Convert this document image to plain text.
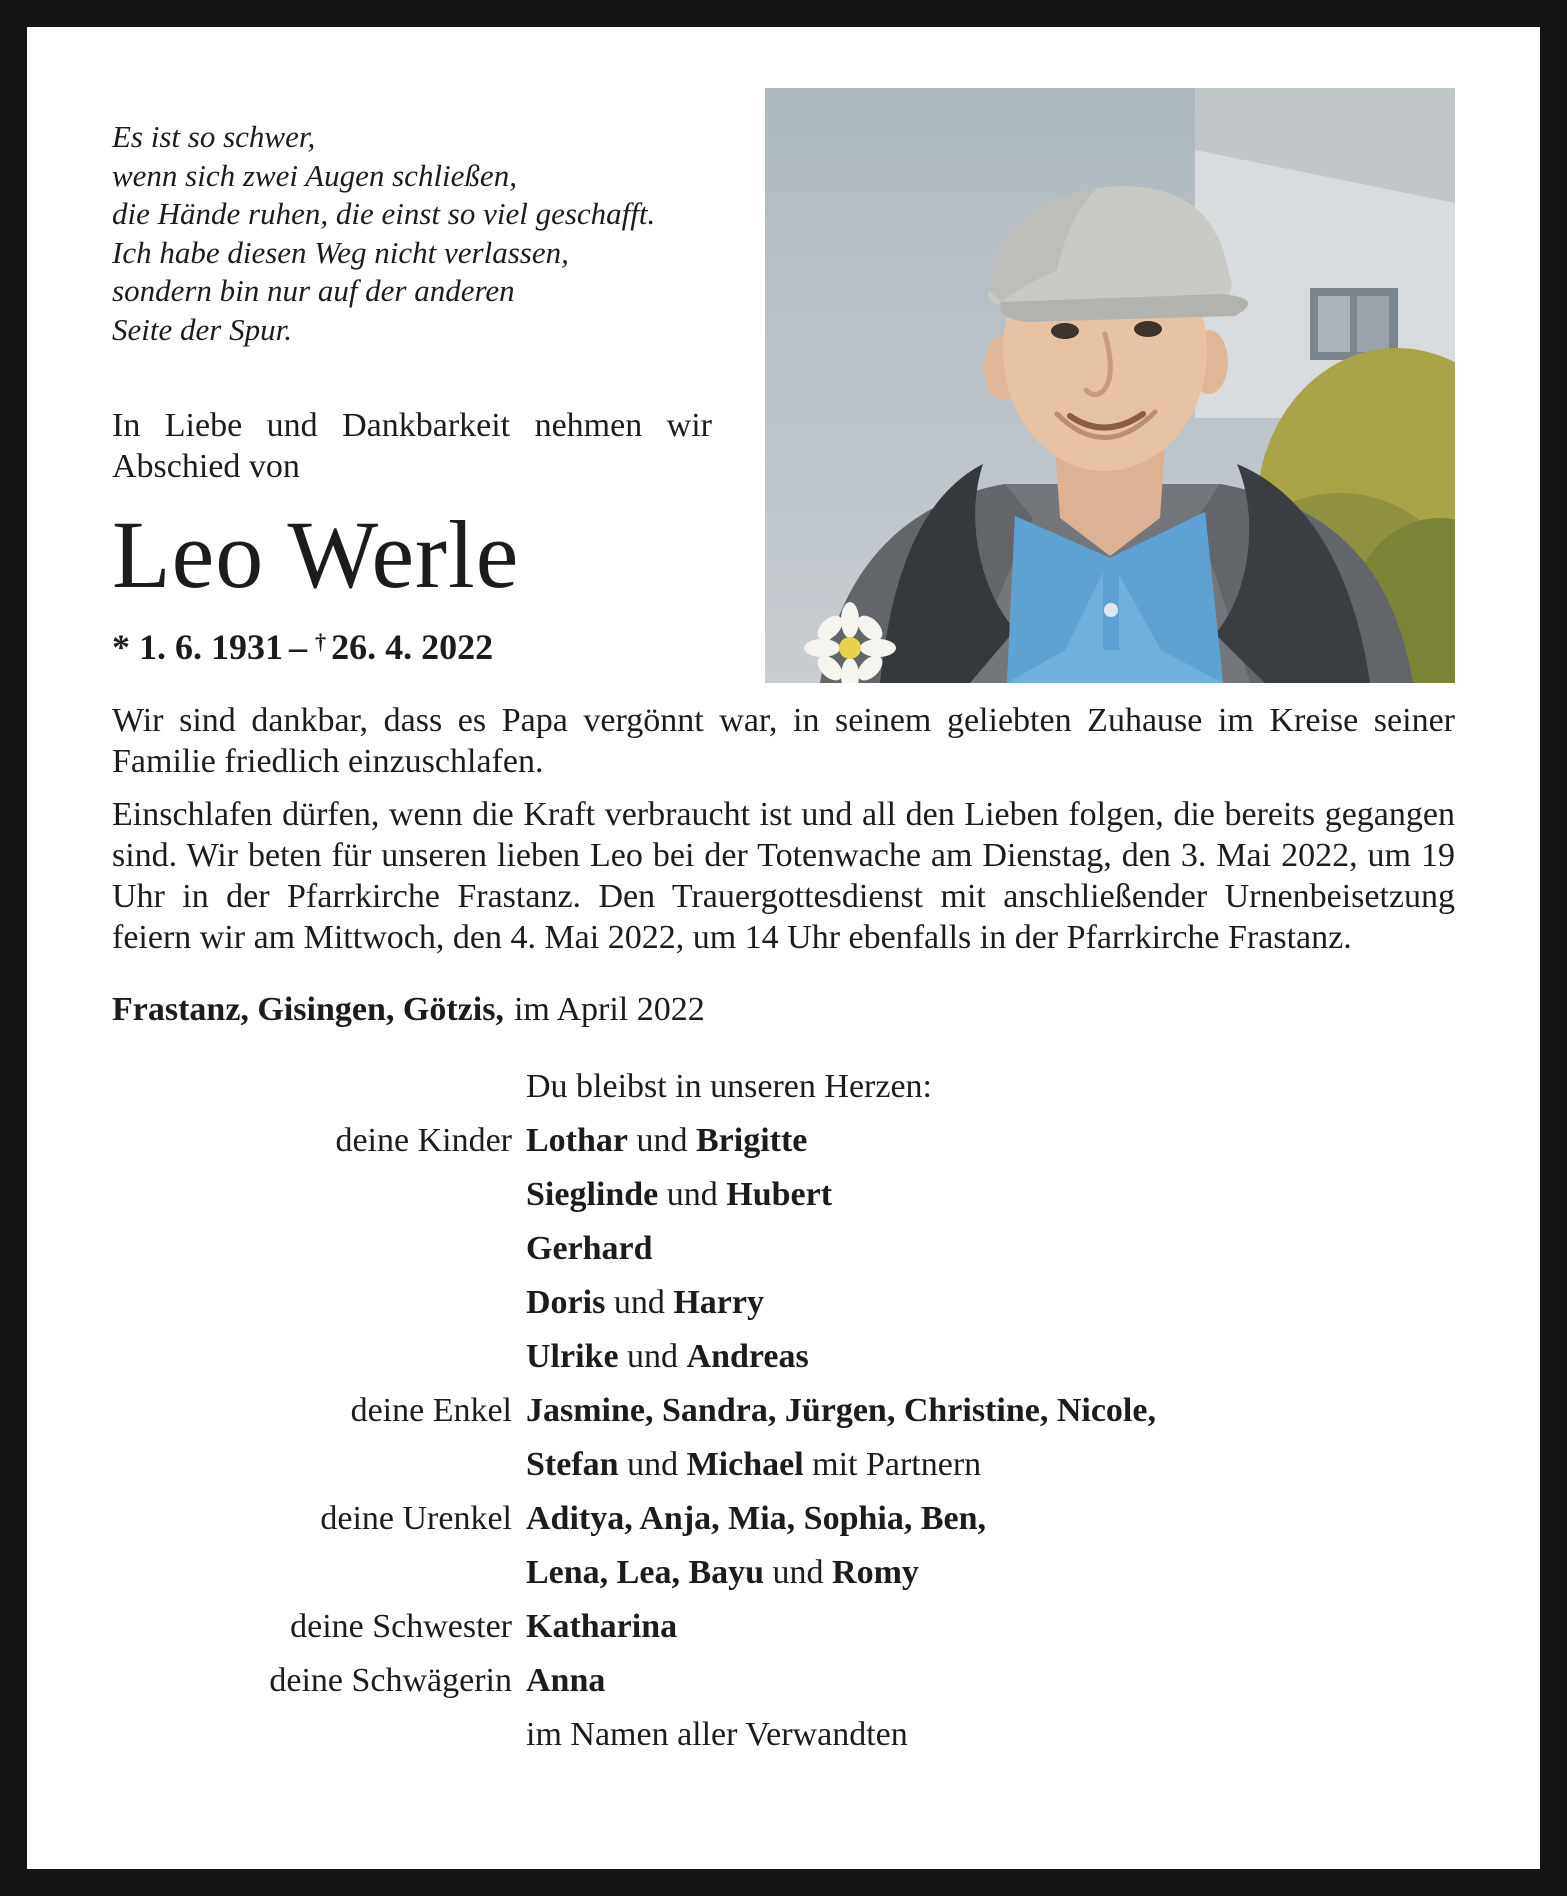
Es ist so schwer,
wenn sich zwei Augen schließen,
die Hände ruhen, die einst so viel geschafft.
Ich habe diesen Weg nicht verlassen,
sondern bin nur auf der anderen
Seite der Spur.
In Liebe und Dankbarkeit nehmen wir Abschied von
Leo Werle
* 1. 6. 1931 – † 26. 4. 2022
Wir sind dankbar, dass es Papa vergönnt war, in seinem geliebten Zuhause im Kreise seiner Familie friedlich einzuschlafen.
Einschlafen dürfen, wenn die Kraft verbraucht ist und all den Lieben folgen, die bereits gegangen sind. Wir beten für unseren lieben Leo bei der Totenwache am Dienstag, den 3. Mai 2022, um 19 Uhr in der Pfarrkirche Frastanz. Den Trauergottesdienst mit anschließender Urnenbeisetzung feiern wir am Mittwoch, den 4. Mai 2022, um 14 Uhr ebenfalls in der Pfarrkirche Frastanz.
Frastanz, Gisingen, Götzis, im April 2022
Du bleibst in unseren Herzen:
deine Kinder Lothar und Brigitte
Sieglinde und Hubert
Gerhard
Doris und Harry
Ulrike und Andreas
deine Enkel Jasmine, Sandra, Jürgen, Christine, Nicole,
Stefan und Michael mit Partnern
deine Urenkel Aditya, Anja, Mia, Sophia, Ben,
Lena, Lea, Bayu und Romy
deine Schwester Katharina
deine Schwägerin Anna
im Namen aller Verwandten
